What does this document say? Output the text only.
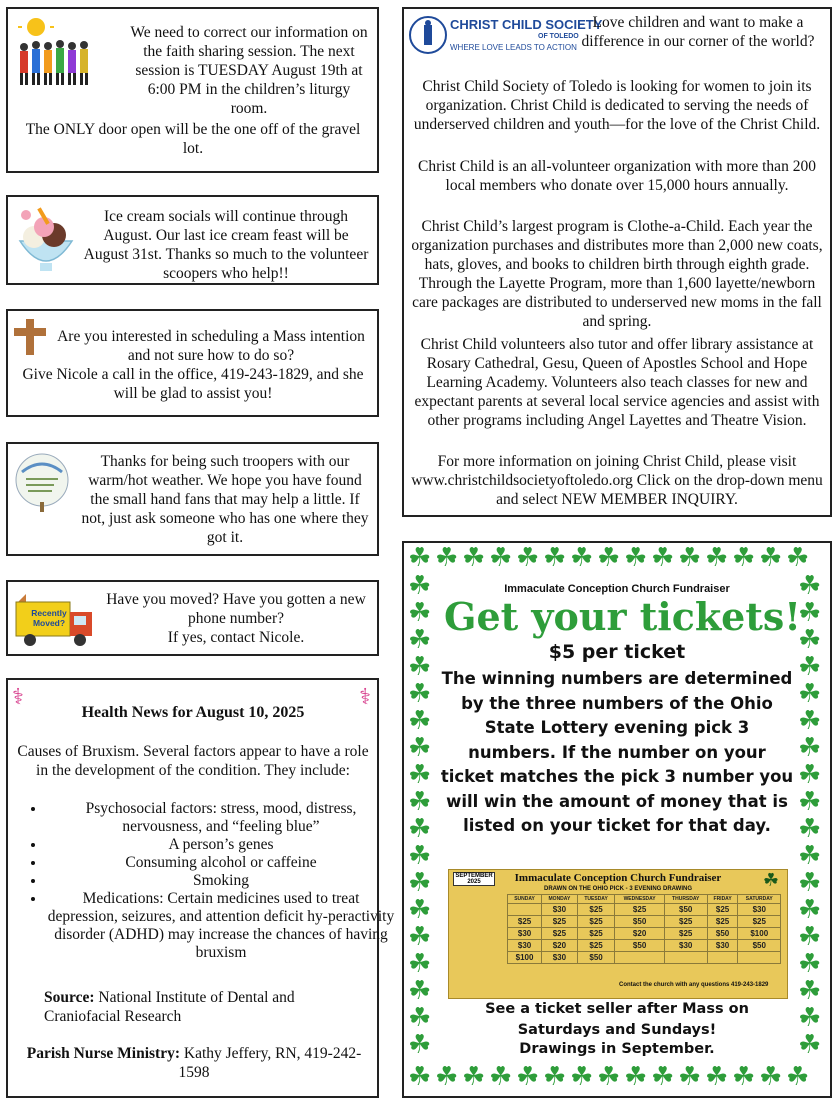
We need to correct our information on the faith sharing session. The next session is TUESDAY August 19th at 6:00 PM in the children’s liturgy room.
The ONLY door open will be the one off of the gravel lot.
Ice cream socials will continue through August. Our last ice cream feast will be August 31st. Thanks so much to the volunteer scoopers who help!!
Are you interested in scheduling a Mass intention and not sure how to do so?
Give Nicole a call in the office, 419-243-1829, and she will be glad to assist you!
Thanks for being such troopers with our warm/hot weather. We hope you have found the small hand fans that may help a little. If not, just ask someone who has one where they got it.
Recently Moved?
Have you moved? Have you gotten a new phone number?
If yes, contact Nicole.
⚕	⚕
Health News for August 10, 2025
Causes of Bruxism. Several factors appear to have a role in the development of the condition. They include:
• Psychosocial factors: stress, mood, distress, nervousness, and “feeling blue”
• A person’s genes
• Consuming alcohol or caffeine
• Smoking
• Medications: Certain medicines used to treat depression, seizures, and attention deficit hy-peractivity disorder (ADHD) may increase the chances of having bruxism
Source: National Institute of Dental and Craniofacial Research
Parish Nurse Ministry: Kathy Jeffery, RN, 419-242-1598
CHRIST CHILD SOCIETY
OF TOLEDO
WHERE LOVE LEADS TO ACTION
Love children and want to make a difference in our corner of the world?
Christ Child Society of Toledo is looking for women to join its organization. Christ Child is dedicated to serving the needs of underserved children and youth—for the love of the Christ Child.
Christ Child is an all-volunteer organization with more than 200 local members who donate over 15,000 hours annually.
Christ Child’s largest program is Clothe-a-Child. Each year the organization purchases and distributes more than 2,000 new coats, hats, gloves, and books to children birth through eighth grade. Through the Layette Program, more than 1,600 layette/newborn care packages are distributed to underserved new moms in the fall and spring.
Christ Child volunteers also tutor and offer library assistance at Rosary Cathedral, Gesu, Queen of Apostles School and Hope Learning Academy. Volunteers also teach classes for new and expectant parents at several local service agencies and assist with other programs including Angel Layettes and Theatre Vision.
For more information on joining Christ Child, please visit www.christchildsocietyoftoledo.org Click on the drop-down menu and select NEW MEMBER INQUIRY.
☘
☘
☘
☘
☘
☘
☘
☘
☘
☘
☘
☘
☘
☘
☘
☘
☘
☘
☘
☘
☘
☘
☘
☘
☘
☘
☘
☘
☘
☘
☘	☘
☘	☘
☘	☘
☘	☘
☘	☘
☘	☘
☘	☘
☘	☘
☘	☘
☘	☘
☘	☘
☘	☘
☘	☘
☘	☘
☘	☘
☘	☘
☘	☘
☘	☘
Immaculate Conception Church Fundraiser
Get your tickets!
$5 per ticket
The winning numbers are determined by the three numbers of the Ohio State Lottery evening pick 3 numbers. If the number on your ticket matches the pick 3 number you will win the amount of money that is listed on your ticket for that day.
Immaculate Conception Church Fundraiser
DRAWN ON THE OHIO PICK - 3 EVENING DRAWING
SEPTEMBER 2025	☘
SUNDAY	MONDAY	TUESDAY	WEDNESDAY	THURSDAY	FRIDAY	SATURDAY
	$30	$25	$25	$50	$25	$30
$25	$25	$25	$50	$25	$25	$25
$30	$25	$25	$20	$25	$50	$100
$30	$20	$25	$50	$30	$30	$50
$100	$30	$50				
Contact the church with any questions 419-243-1829
See a ticket seller after Mass on Saturdays and Sundays!
Drawings in September.
